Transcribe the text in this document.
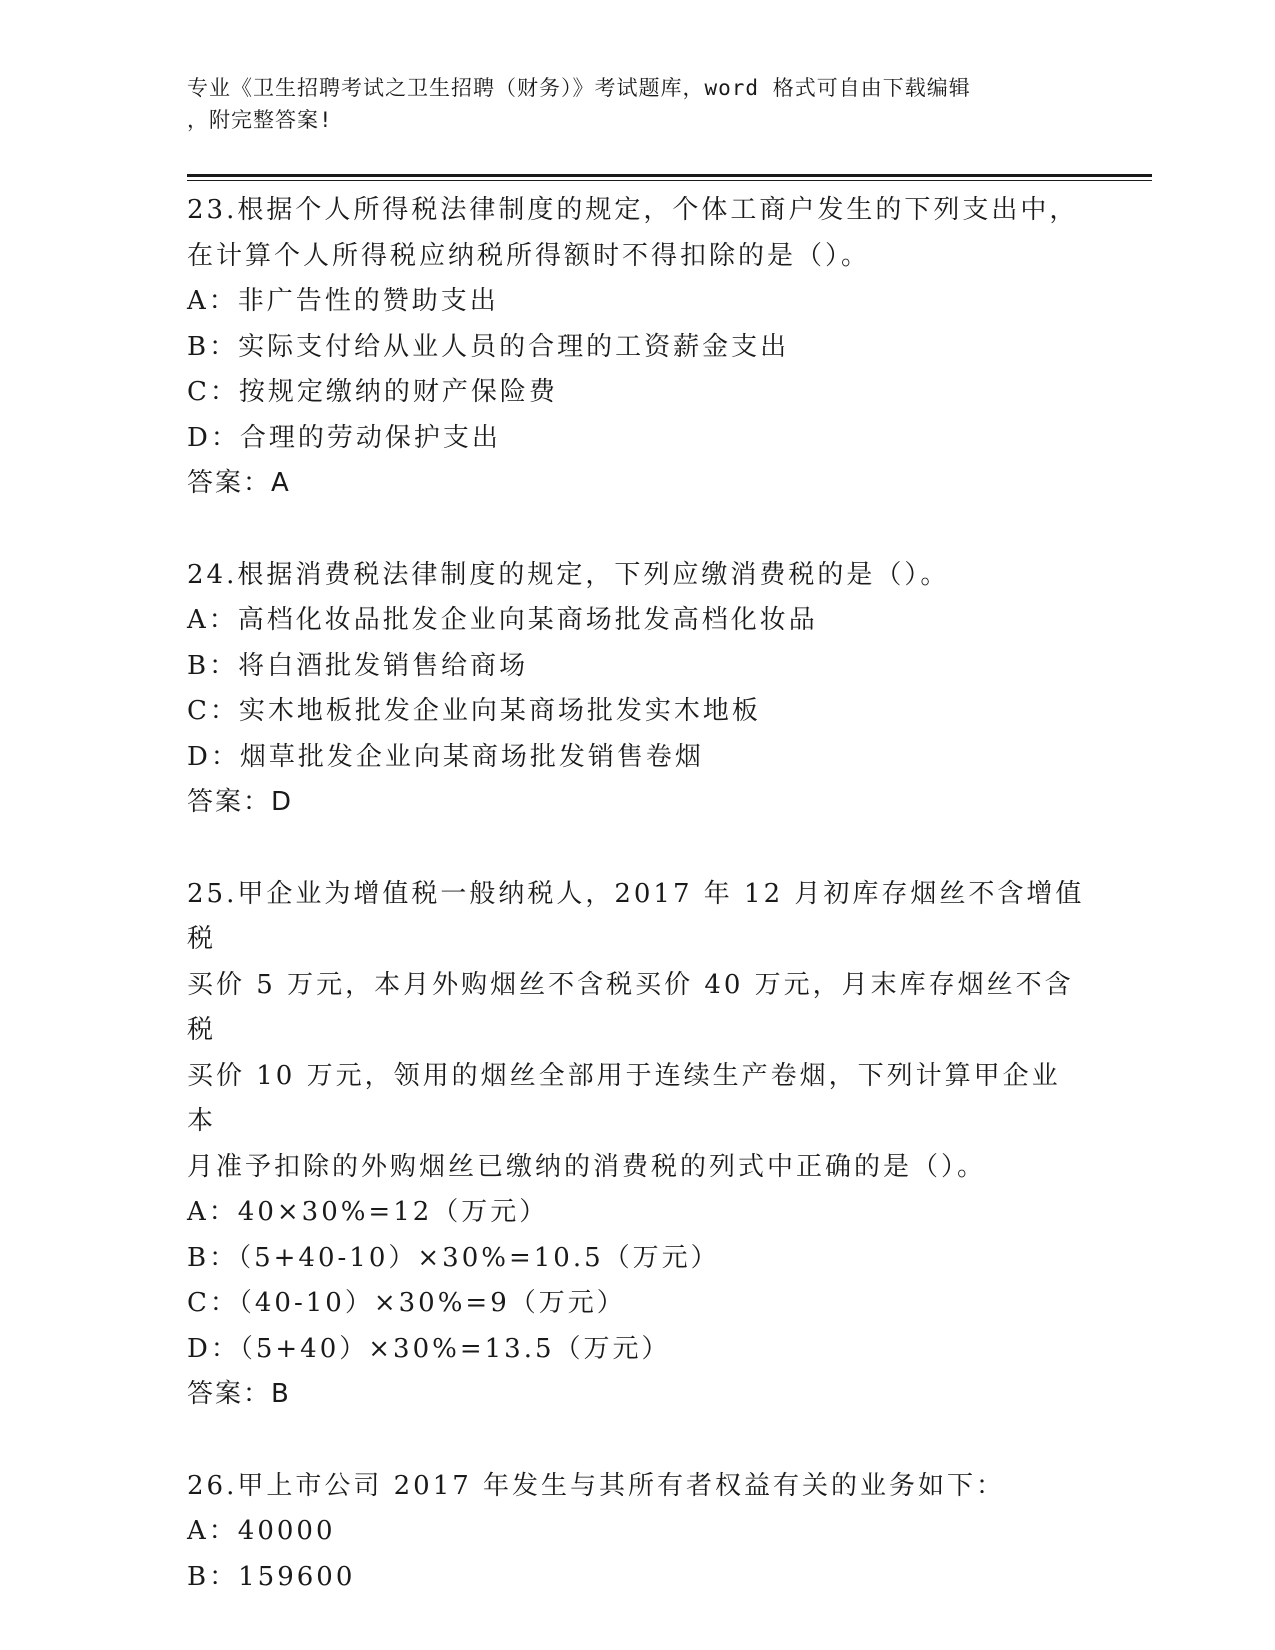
专业《卫生招聘考试之卫生招聘（财务）》考试题库，word 格式可自由下载编辑
，附完整答案!

23.根据个人所得税法律制度的规定，个体工商户发生的下列支出中，

在计算个人所得税应纳税所得额时不得扣除的是（）。

A：非广告性的赞助支出

B：实际支付给从业人员的合理的工资薪金支出

C：按规定缴纳的财产保险费

D：合理的劳动保护支出

答案：A

24.根据消费税法律制度的规定，下列应缴消费税的是（）。

A：高档化妆品批发企业向某商场批发高档化妆品

B：将白酒批发销售给商场

C：实木地板批发企业向某商场批发实木地板

D：烟草批发企业向某商场批发销售卷烟

答案：D

25.甲企业为增值税一般纳税人，2017 年 12 月初库存烟丝不含增值税

买价 5 万元，本月外购烟丝不含税买价 40 万元，月末库存烟丝不含税

买价 10 万元，领用的烟丝全部用于连续生产卷烟，下列计算甲企业本

月准予扣除的外购烟丝已缴纳的消费税的列式中正确的是（）。

A：40×30%=12（万元）

B：（5+40-10）×30%=10.5（万元）

C：（40-10）×30%=9（万元）

D：（5+40）×30%=13.5（万元）

答案：B

26.甲上市公司 2017 年发生与其所有者权益有关的业务如下：

A：40000

B：159600
